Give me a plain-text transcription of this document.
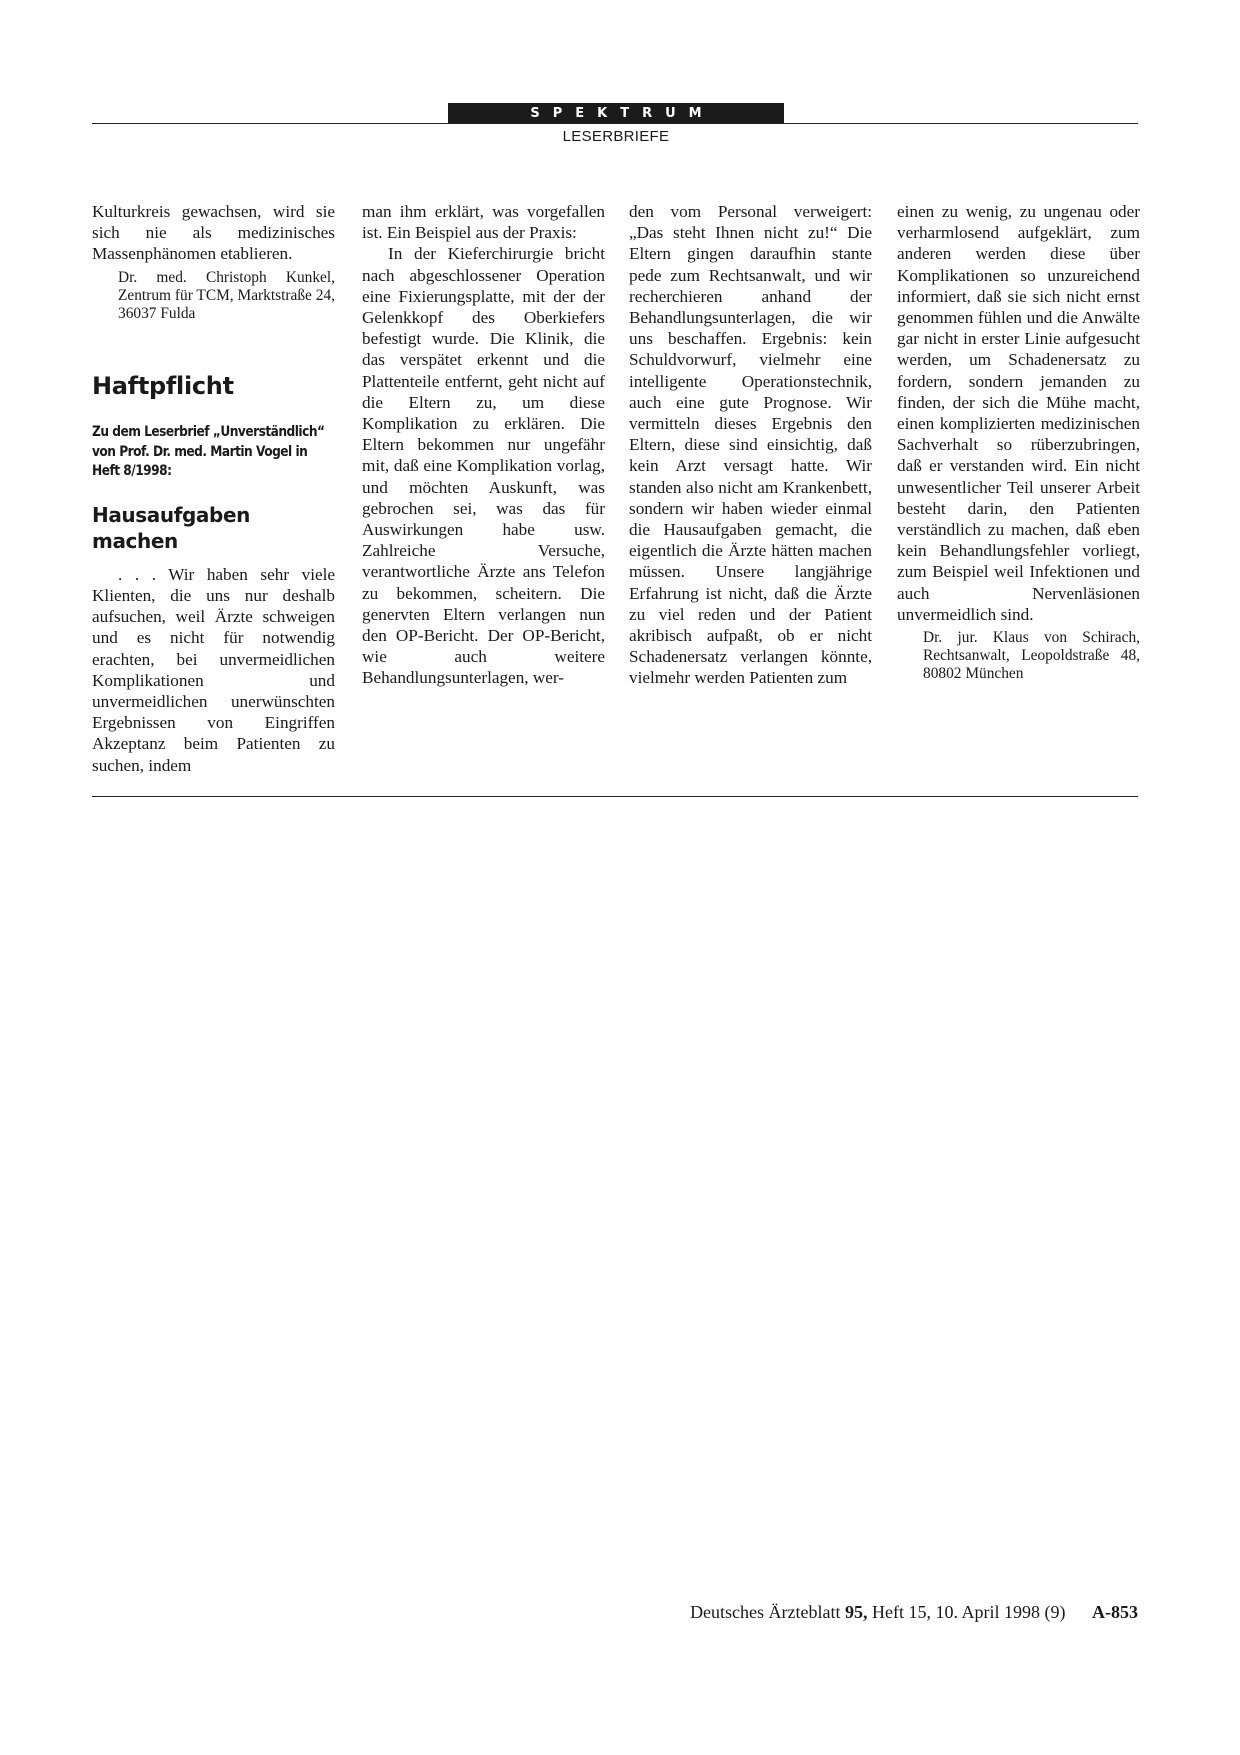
SPEKTRUM
LESERBRIEFE

Kulturkreis gewachsen, wird sie sich nie als medizinisches Massenphänomen etablieren.

Dr. med. Christoph Kunkel, Zentrum für TCM, Marktstraße 24, 36037 Fulda

Haftpflicht

Zu dem Leserbrief „Unverständlich“ von Prof. Dr. med. Martin Vogel in Heft 8/1998:

Hausaufgaben machen

. . . Wir haben sehr viele Klienten, die uns nur deshalb aufsuchen, weil Ärzte schweigen und es nicht für notwendig erachten, bei unvermeidlichen Komplikationen und unvermeidlichen unerwünschten Ergebnissen von Eingriffen Akzeptanz beim Patienten zu suchen, indem

man ihm erklärt, was vorgefallen ist. Ein Beispiel aus der Praxis:

In der Kieferchirurgie bricht nach abgeschlossener Operation eine Fixierungsplatte, mit der der Gelenkkopf des Oberkiefers befestigt wurde. Die Klinik, die das verspätet erkennt und die Plattenteile entfernt, geht nicht auf die Eltern zu, um diese Komplikation zu erklären. Die Eltern bekommen nur ungefähr mit, daß eine Komplikation vorlag, und möchten Auskunft, was gebrochen sei, was das für Auswirkungen habe usw. Zahlreiche Versuche, verantwortliche Ärzte ans Telefon zu bekommen, scheitern. Die genervten Eltern verlangen nun den OP-Bericht. Der OP-Bericht, wie auch weitere Behandlungsunterlagen, wer-

den vom Personal verweigert: „Das steht Ihnen nicht zu!“ Die Eltern gingen daraufhin stante pede zum Rechtsanwalt, und wir recherchieren anhand der Behandlungsunterlagen, die wir uns beschaffen. Ergebnis: kein Schuldvorwurf, vielmehr eine intelligente Operationstechnik, auch eine gute Prognose. Wir vermitteln dieses Ergebnis den Eltern, diese sind einsichtig, daß kein Arzt versagt hatte. Wir standen also nicht am Krankenbett, sondern wir haben wieder einmal die Hausaufgaben gemacht, die eigentlich die Ärzte hätten machen müssen. Unsere langjährige Erfahrung ist nicht, daß die Ärzte zu viel reden und der Patient akribisch aufpaßt, ob er nicht Schadenersatz verlangen könnte, vielmehr werden Patienten zum

einen zu wenig, zu ungenau oder verharmlosend aufgeklärt, zum anderen werden diese über Komplikationen so unzureichend informiert, daß sie sich nicht ernst genommen fühlen und die Anwälte gar nicht in erster Linie aufgesucht werden, um Schadenersatz zu fordern, sondern jemanden zu finden, der sich die Mühe macht, einen komplizierten medizinischen Sachverhalt so rüberzubringen, daß er verstanden wird. Ein nicht unwesentlicher Teil unserer Arbeit besteht darin, den Patienten verständlich zu machen, daß eben kein Behandlungsfehler vorliegt, zum Beispiel weil Infektionen und auch Nervenläsionen unvermeidlich sind.

Dr. jur. Klaus von Schirach, Rechtsanwalt, Leopoldstraße 48, 80802 München

Deutsches Ärzteblatt 95, Heft 15, 10. April 1998 (9) A-853
